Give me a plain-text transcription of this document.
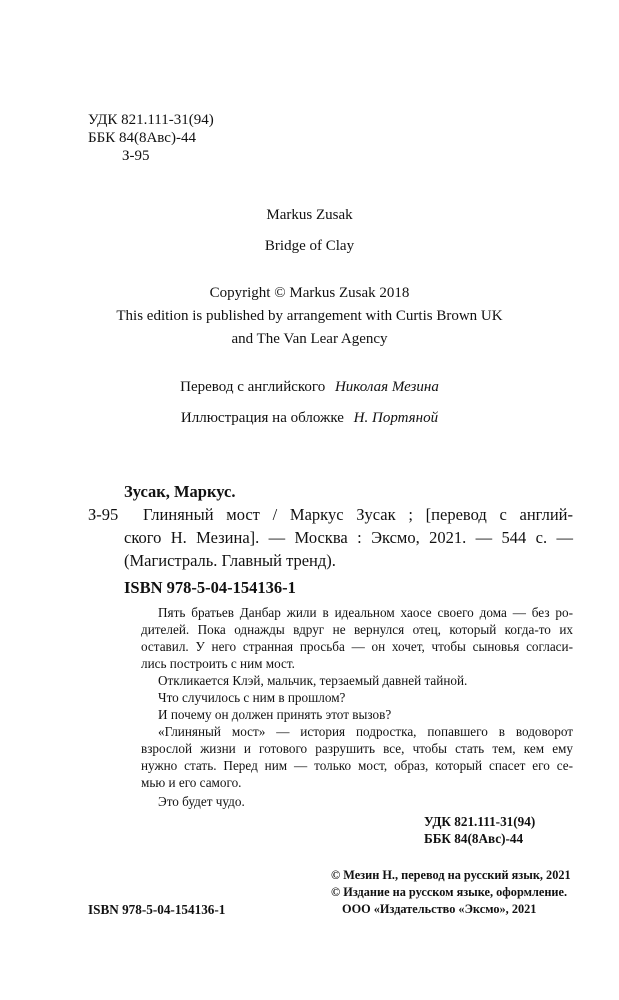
УДК 821.111-31(94)
ББК 84(8Авс)-44
З-95
Markus Zusak
Bridge of Clay
Copyright © Markus Zusak 2018
This edition is published by arrangement with Curtis Brown UK
and The Van Lear Agency
Перевод с английского Николая Мезина
Иллюстрация на обложке Н. Портяной
Зусак, Маркус.
З-95 Глиняный мост / Маркус Зусак ; [перевод с англий-
ского Н. Мезина]. — Москва : Эксмо, 2021. — 544 с. —
(Магистраль. Главный тренд).
ISBN 978-5-04-154136-1
Пять братьев Данбар жили в идеальном хаосе своего дома — без ро-
дителей. Пока однажды вдруг не вернулся отец, который когда-то их
оставил. У него странная просьба — он хочет, чтобы сыновья согласи-
лись построить с ним мост.
Откликается Клэй, мальчик, терзаемый давней тайной.
Что случилось с ним в прошлом?
И почему он должен принять этот вызов?
«Глиняный мост» — история подростка, попавшего в водоворот
взрослой жизни и готового разрушить все, чтобы стать тем, кем ему
нужно стать. Перед ним — только мост, образ, который спасет его се-
мью и его самого.
Это будет чудо.
УДК 821.111-31(94)
ББК 84(8Авс)-44
© Мезин Н., перевод на русский язык, 2021
© Издание на русском языке, оформление.
ООО «Издательство «Эксмо», 2021
ISBN 978-5-04-154136-1
